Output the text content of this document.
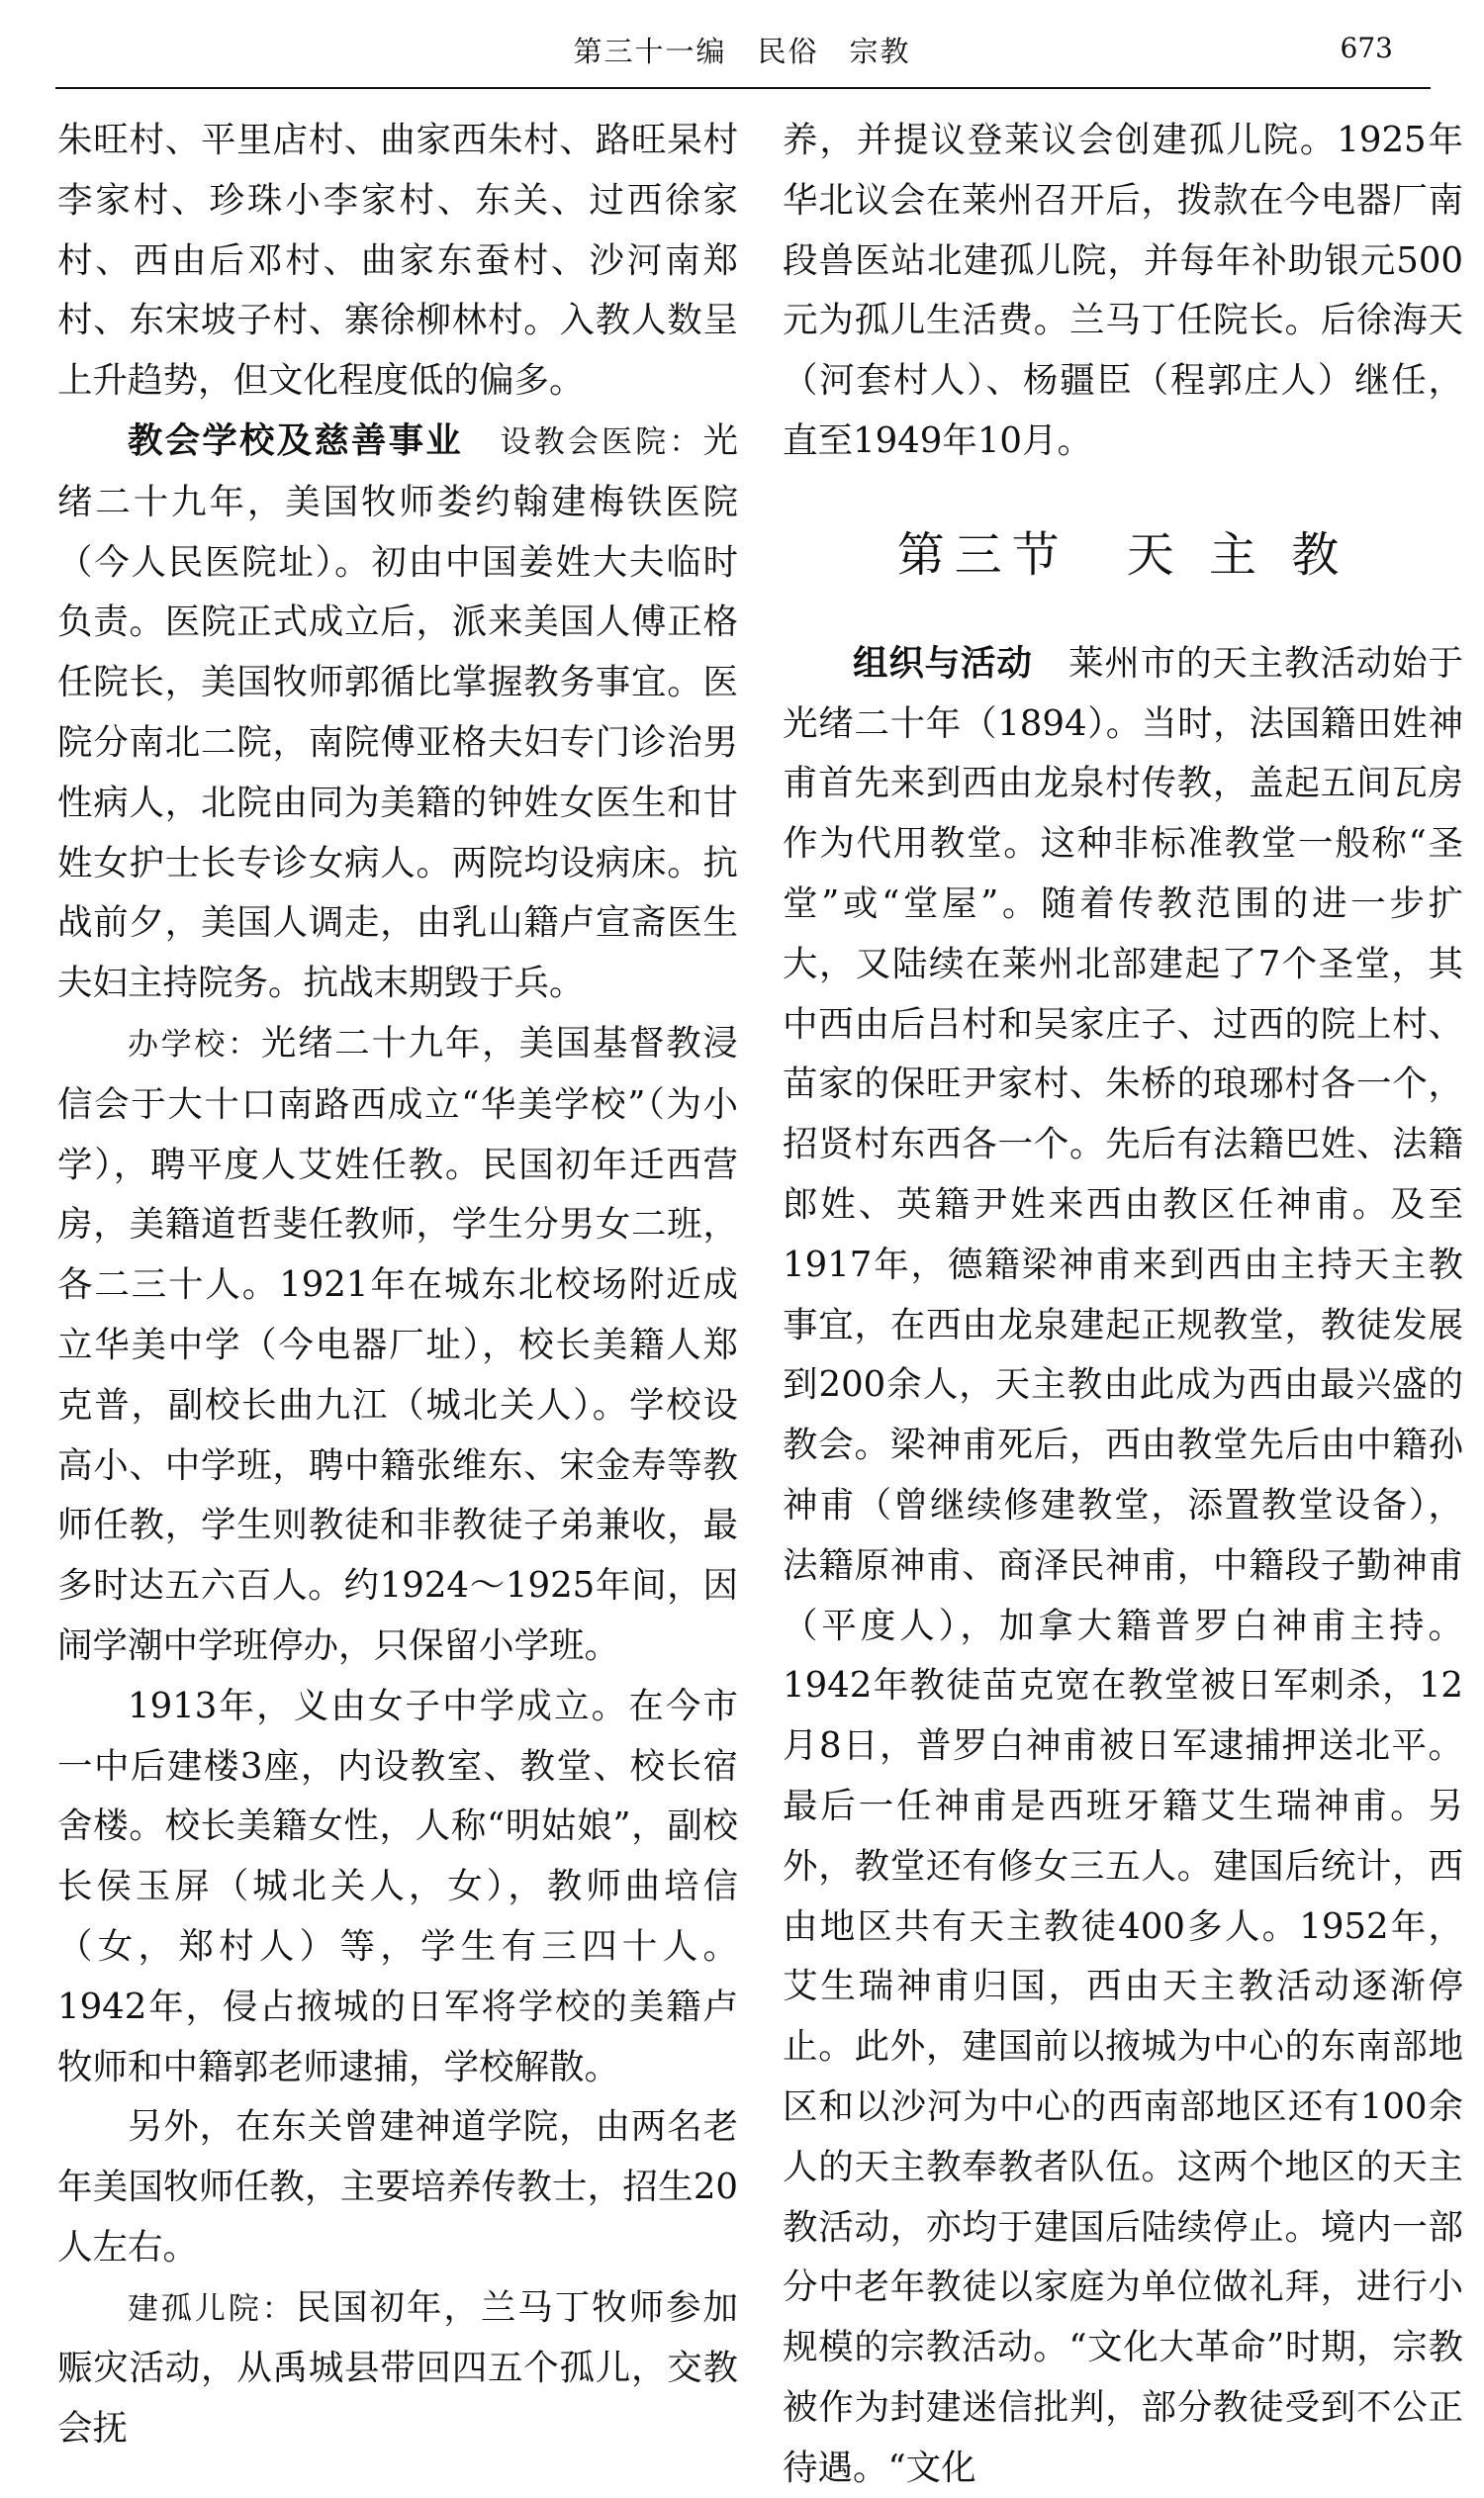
第三十一编　民俗　宗教	673

朱旺村、平里店村、曲家西朱村、路旺杲村李家村、珍珠小李家村、东关、过西徐家村、西由后邓村、曲家东蚕村、沙河南郑村、东宋坡子村、寨徐柳林村。入教人数呈上升趋势，但文化程度低的偏多。

教会学校及慈善事业　 设教会医院：光绪二十九年，美国牧师娄约翰建梅铁医院（今人民医院址）。初由中国姜姓大夫临时负责。医院正式成立后，派来美国人傅正格任院长，美国牧师郭循比掌握教务事宜。医院分南北二院，南院傅亚格夫妇专门诊治男性病人，北院由同为美籍的钟姓女医生和甘姓女护士长专诊女病人。两院均设病床。抗战前夕，美国人调走，由乳山籍卢宣斋医生夫妇主持院务。抗战末期毁于兵。

办学校：光绪二十九年，美国基督教浸信会于大十口南路西成立“华美学校”（为小学），聘平度人艾姓任教。民国初年迁西营房，美籍道哲斐任教师，学生分男女二班，各二三十人。1921年在城东北校场附近成立华美中学（今电器厂址），校长美籍人郑克普，副校长曲九江（城北关人）。学校设高小、中学班，聘中籍张维东、宋金寿等教师任教，学生则教徒和非教徒子弟兼收，最多时达五六百人。约1924～1925年间，因闹学潮中学班停办，只保留小学班。

1913年，义由女子中学成立。在今市一中后建楼3座，内设教室、教堂、校长宿舍楼。校长美籍女性，人称“明姑娘”，副校长侯玉屏（城北关人，女），教师曲培信（女，郑村人）等，学生有三四十人。1942年，侵占掖城的日军将学校的美籍卢牧师和中籍郭老师逮捕，学校解散。

另外，在东关曾建神道学院，由两名老年美国牧师任教，主要培养传教士，招生20人左右。

建孤儿院：民国初年，兰马丁牧师参加赈灾活动，从禹城县带回四五个孤儿，交教会抚

养，并提议登莱议会创建孤儿院。1925年华北议会在莱州召开后，拨款在今电器厂南段兽医站北建孤儿院，并每年补助银元500元为孤儿生活费。兰马丁任院长。后徐海天（河套村人）、杨疆臣（程郭庄人）继任，直至1949年10月。

第三节　天 主 教

组织与活动　 莱州市的天主教活动始于光绪二十年（1894）。当时，法国籍田姓神甫首先来到西由龙泉村传教，盖起五间瓦房作为代用教堂。这种非标准教堂一般称“圣堂”或“堂屋”。随着传教范围的进一步扩大，又陆续在莱州北部建起了7个圣堂，其中西由后吕村和吴家庄子、过西的院上村、苗家的保旺尹家村、朱桥的琅琊村各一个，招贤村东西各一个。先后有法籍巴姓、法籍郎姓、英籍尹姓来西由教区任神甫。及至1917年，德籍梁神甫来到西由主持天主教事宜，在西由龙泉建起正规教堂，教徒发展到200余人，天主教由此成为西由最兴盛的教会。梁神甫死后，西由教堂先后由中籍孙神甫（曾继续修建教堂，添置教堂设备），法籍原神甫、商泽民神甫，中籍段子勤神甫（平度人），加拿大籍普罗白神甫主持。1942年教徒苗克宽在教堂被日军刺杀，12月8日，普罗白神甫被日军逮捕押送北平。最后一任神甫是西班牙籍艾生瑞神甫。另外，教堂还有修女三五人。建国后统计，西由地区共有天主教徒400多人。1952年，艾生瑞神甫归国，西由天主教活动逐渐停止。此外，建国前以掖城为中心的东南部地区和以沙河为中心的西南部地区还有100余人的天主教奉教者队伍。这两个地区的天主教活动，亦均于建国后陆续停止。境内一部分中老年教徒以家庭为单位做礼拜，进行小规模的宗教活动。“文化大革命”时期，宗教被作为封建迷信批判，部分教徒受到不公正待遇。“文化
